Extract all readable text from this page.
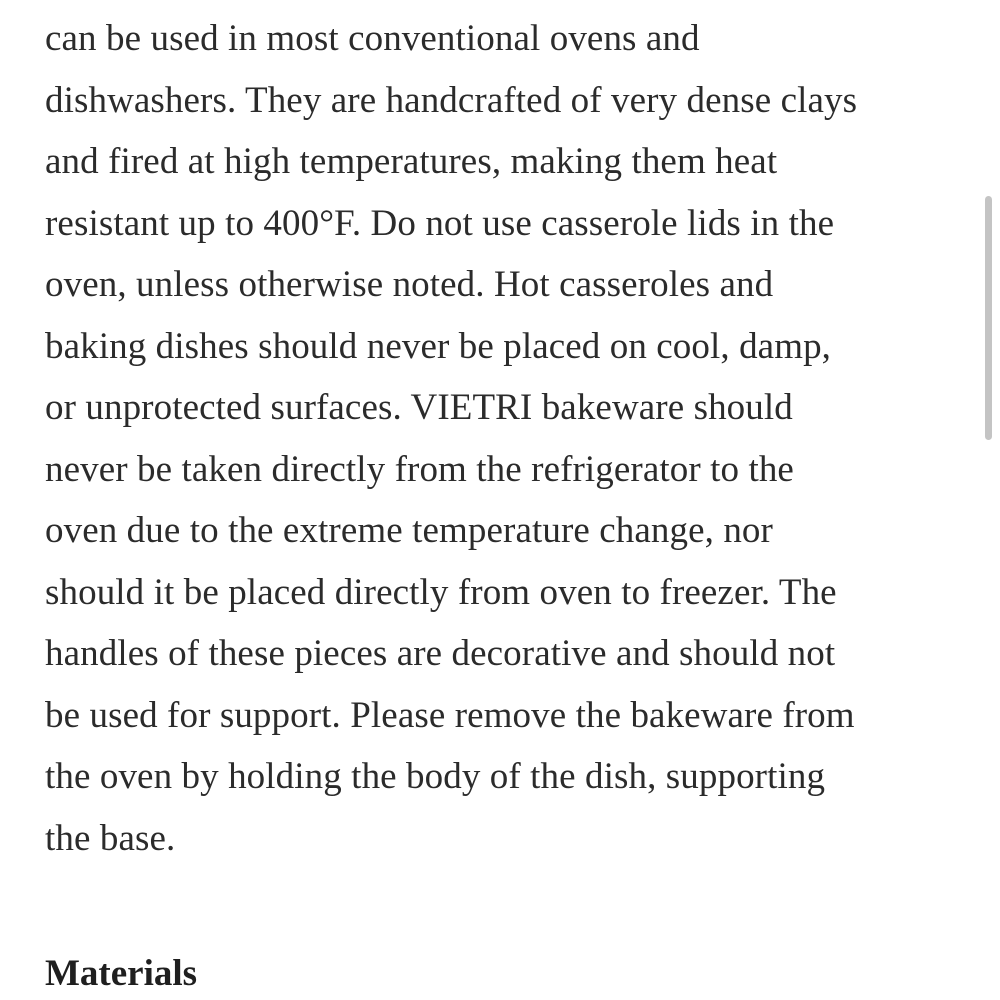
can be used in most conventional ovens and
dishwashers. They are handcrafted of very dense clays
and fired at high temperatures, making them heat
resistant up to 400°F. Do not use casserole lids in the
oven, unless otherwise noted. Hot casseroles and
baking dishes should never be placed on cool, damp,
or unprotected surfaces. VIETRI bakeware should
never be taken directly from the refrigerator to the
oven due to the extreme temperature change, nor
should it be placed directly from oven to freezer. The
handles of these pieces are decorative and should not
be used for support. Please remove the bakeware from
the oven by holding the body of the dish, supporting
the base.
Materials
